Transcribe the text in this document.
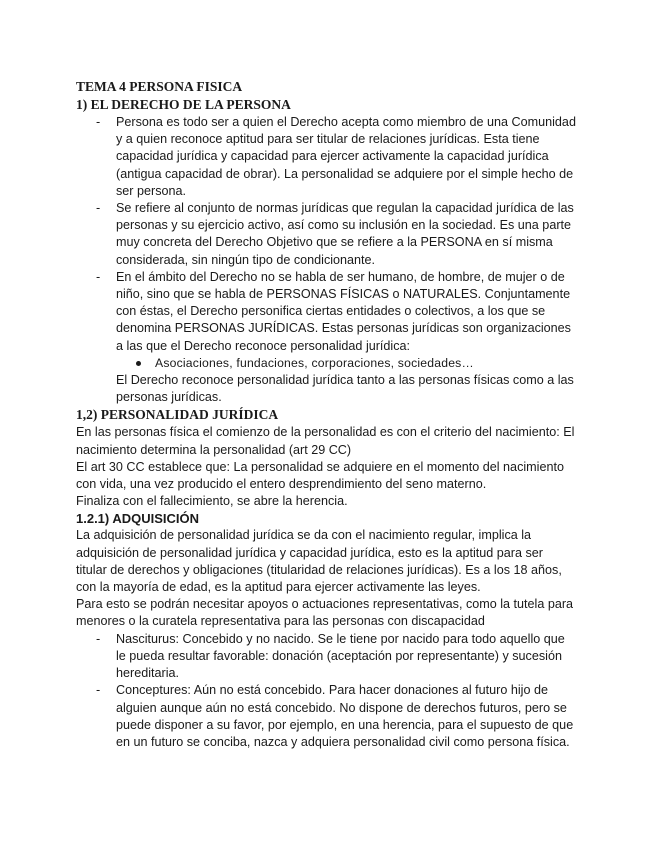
TEMA 4 PERSONA FISICA

1) EL DERECHO DE LA PERSONA

- Persona es todo ser a quien el Derecho acepta como miembro de una Comunidad y a quien reconoce aptitud para ser titular de relaciones jurídicas. Esta tiene capacidad jurídica y capacidad para ejercer activamente la capacidad jurídica (antigua capacidad de obrar). La personalidad se adquiere por el simple hecho de ser persona.
- Se refiere al conjunto de normas jurídicas que regulan la capacidad jurídica de las personas y su ejercicio activo, así como su inclusión en la sociedad. Es una parte muy concreta del Derecho Objetivo que se refiere a la PERSONA en sí misma considerada, sin ningún tipo de condicionante.
- En el ámbito del Derecho no se habla de ser humano, de hombre, de mujer o de niño, sino que se habla de PERSONAS FÍSICAS o NATURALES. Conjuntamente con éstas, el Derecho personifica ciertas entidades o colectivos, a los que se denomina PERSONAS JURÍDICAS. Estas personas jurídicas son organizaciones a las que el Derecho reconoce personalidad jurídica:
Asociaciones, fundaciones, corporaciones, sociedades…
El Derecho reconoce personalidad jurídica tanto a las personas físicas como a las personas jurídicas.

1,2) PERSONALIDAD JURÍDICA

En las personas física el comienzo de la personalidad es con el criterio del nacimiento: El nacimiento determina la personalidad (art 29 CC)

El art 30 CC establece que: La personalidad se adquiere en el momento del nacimiento con vida, una vez producido el entero desprendimiento del seno materno.

Finaliza con el fallecimiento, se abre la herencia.

1.2.1) ADQUISICIÓN

La adquisición de personalidad jurídica se da con el nacimiento regular, implica la adquisición de personalidad jurídica y capacidad jurídica, esto es la aptitud para ser titular de derechos y obligaciones (titularidad de relaciones jurídicas). Es a los 18 años, con la mayoría de edad, es la aptitud para ejercer activamente las leyes.

Para esto se podrán necesitar apoyos o actuaciones representativas, como la tutela para menores o la curatela representativa para las personas con discapacidad

- Nasciturus: Concebido y no nacido. Se le tiene por nacido para todo aquello que le pueda resultar favorable: donación (aceptación por representante) y sucesión hereditaria.
- Conceptures: Aún no está concebido. Para hacer donaciones al futuro hijo de alguien aunque aún no está concebido. No dispone de derechos futuros, pero se puede disponer a su favor, por ejemplo, en una herencia, para el supuesto de que en un futuro se conciba, nazca y adquiera personalidad civil como persona física.
